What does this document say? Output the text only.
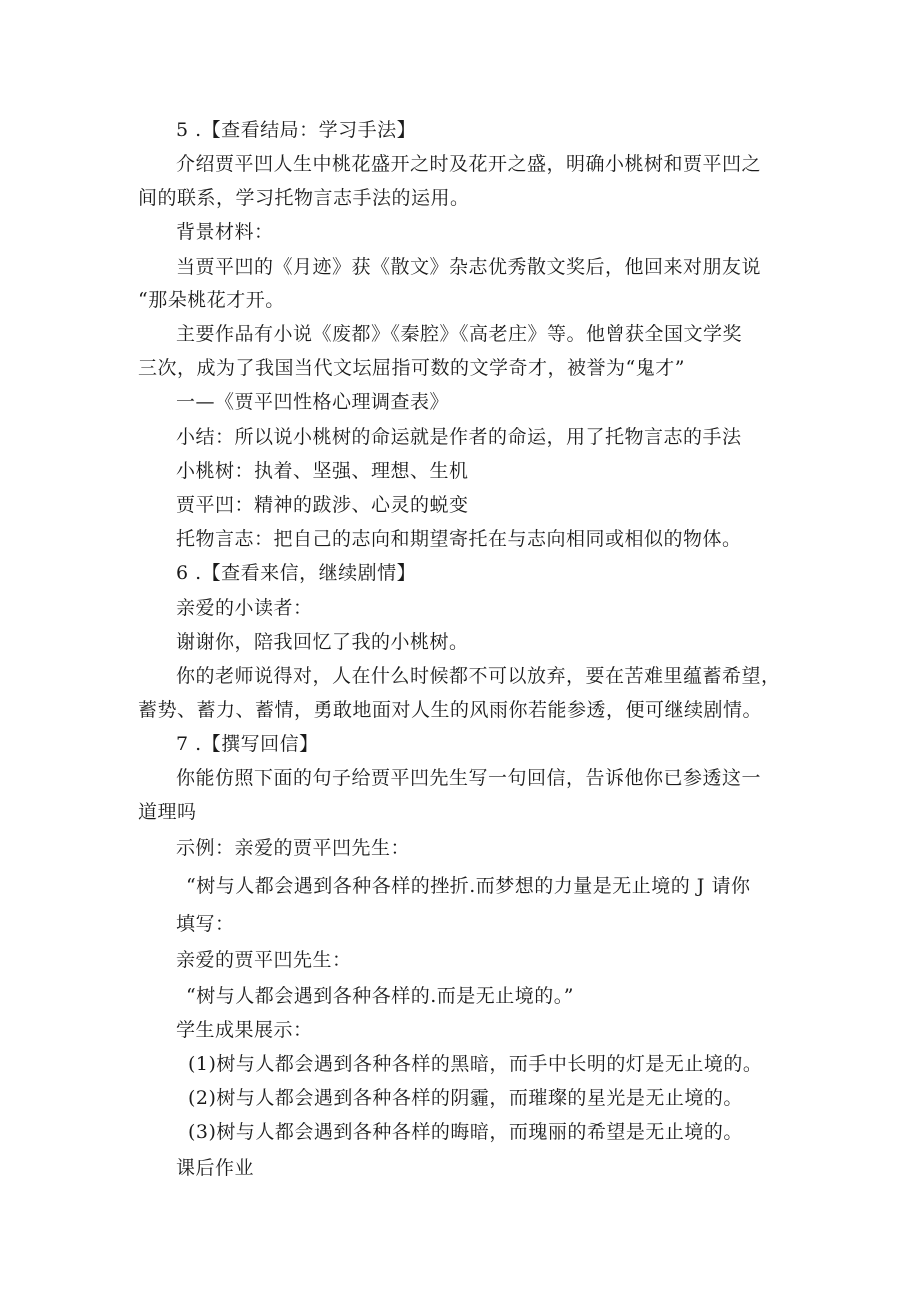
5 .【查看结局：学习手法】
介绍贾平凹人生中桃花盛开之时及花开之盛，明确小桃树和贾平凹之
间的联系，学习托物言志手法的运用。
背景材料：
当贾平凹的《月迹》获《散文》杂志优秀散文奖后，他回来对朋友说
“那朵桃花才开。
主要作品有小说《废都》《秦腔》《高老庄》等。他曾获全国文学奖
三次，成为了我国当代文坛屈指可数的文学奇才，被誉为“鬼才”
一—《贾平凹性格心理调查表》
小结：所以说小桃树的命运就是作者的命运，用了托物言志的手法
小桃树：执着、坚强、理想、生机
贾平凹：精神的跋涉、心灵的蜕变
托物言志：把自己的志向和期望寄托在与志向相同或相似的物体。
6 .【查看来信，继续剧情】
亲爱的小读者：
谢谢你，陪我回忆了我的小桃树。
你的老师说得对，人在什么时候都不可以放弃，要在苦难里蕴蓄希望，
蓄势、蓄力、蓄情，勇敢地面对人生的风雨你若能参透，便可继续剧情。
7 .【撰写回信】
你能仿照下面的句子给贾平凹先生写一句回信，告诉他你已参透这一
道理吗
示例：亲爱的贾平凹先生：
“树与人都会遇到各种各样的挫折.而梦想的力量是无止境的 J 请你
填写：
亲爱的贾平凹先生：
“树与人都会遇到各种各样的.而是无止境的。”
学生成果展示：
(1)树与人都会遇到各种各样的黑暗，而手中长明的灯是无止境的。
(2)树与人都会遇到各种各样的阴霾，而璀璨的星光是无止境的。
(3)树与人都会遇到各种各样的晦暗，而瑰丽的希望是无止境的。
课后作业
